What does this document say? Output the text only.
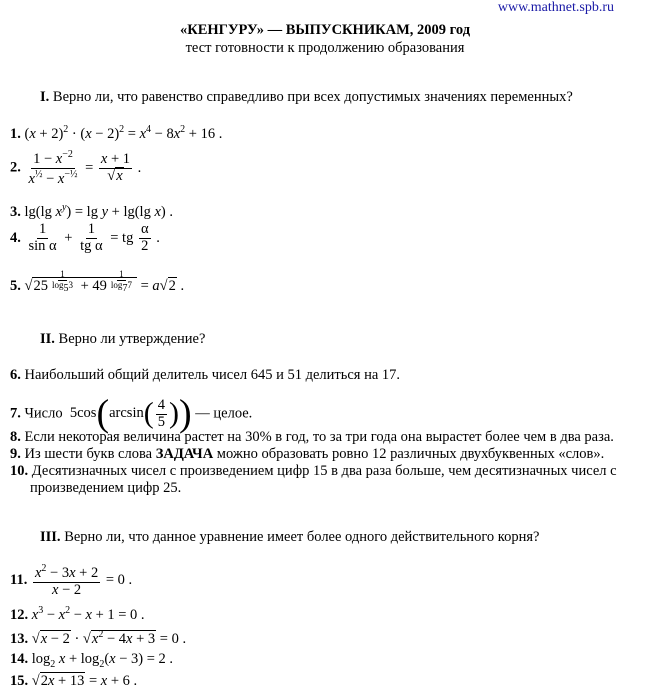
www.mathnet.spb.ru
«КЕНГУРУ» — ВЫПУСКНИКАМ, 2009 год
тест готовности к продолжению образования
I. Верно ли, что равенство справедливо при всех допустимых значениях переменных?
1. $(x + 2)^2 \cdot (x - 2)^2 = x^4 - 8x^2 + 16$ .
2. $\frac{1 - x^{-2}}{x^{\frac{1}{2}} - x^{-\frac{1}{2}}} = \frac{x + 1}{√x}$ .
3. lg(lg $x^y) = \lg y + \lg(\lg$ x) .
4. $\frac{1}{\text{sin α}} + \frac{1}{\text{tg α}}$ = tg $\frac{\alpha}{2}$ .
5. √25 $^{\frac{1}{\log_53}}$ + 49 $^{\frac{1}{\log_77}}$ = a√2 .
II. Верно ли утверждение?
6. Наибольший общий делитель чисел 645 и 51 делиться на 17.
7. Число  $5\cos(\arcsin( \frac{4}{5}$ )) — целое.
8. Если некоторая величина растет на 30% в год, то за три года она вырастет более чем в два раза.
9. Из шести букв слова ЗАДАЧА можно образовать ровно 12 различных двухбуквенных «слов».
10. Десятизначных чисел с произведением цифр 15 в два раза больше, чем десятизначных чисел с
произведением цифр 25.
III. Верно ли, что данное уравнение имеет более одного действительного корня?
11. $\frac{x^2 - 3x + 2}{x - 2} = 0$ .
12. $x^3 - x^2 - x + 1 = 0$ .
13. $√x - 2 \cdot √x^2 - 4x + 3 = 0$ .
14. $\log_2 x + \log_2(x - 3) = 2$ .
15. √2x + 13 = x + 6 .
